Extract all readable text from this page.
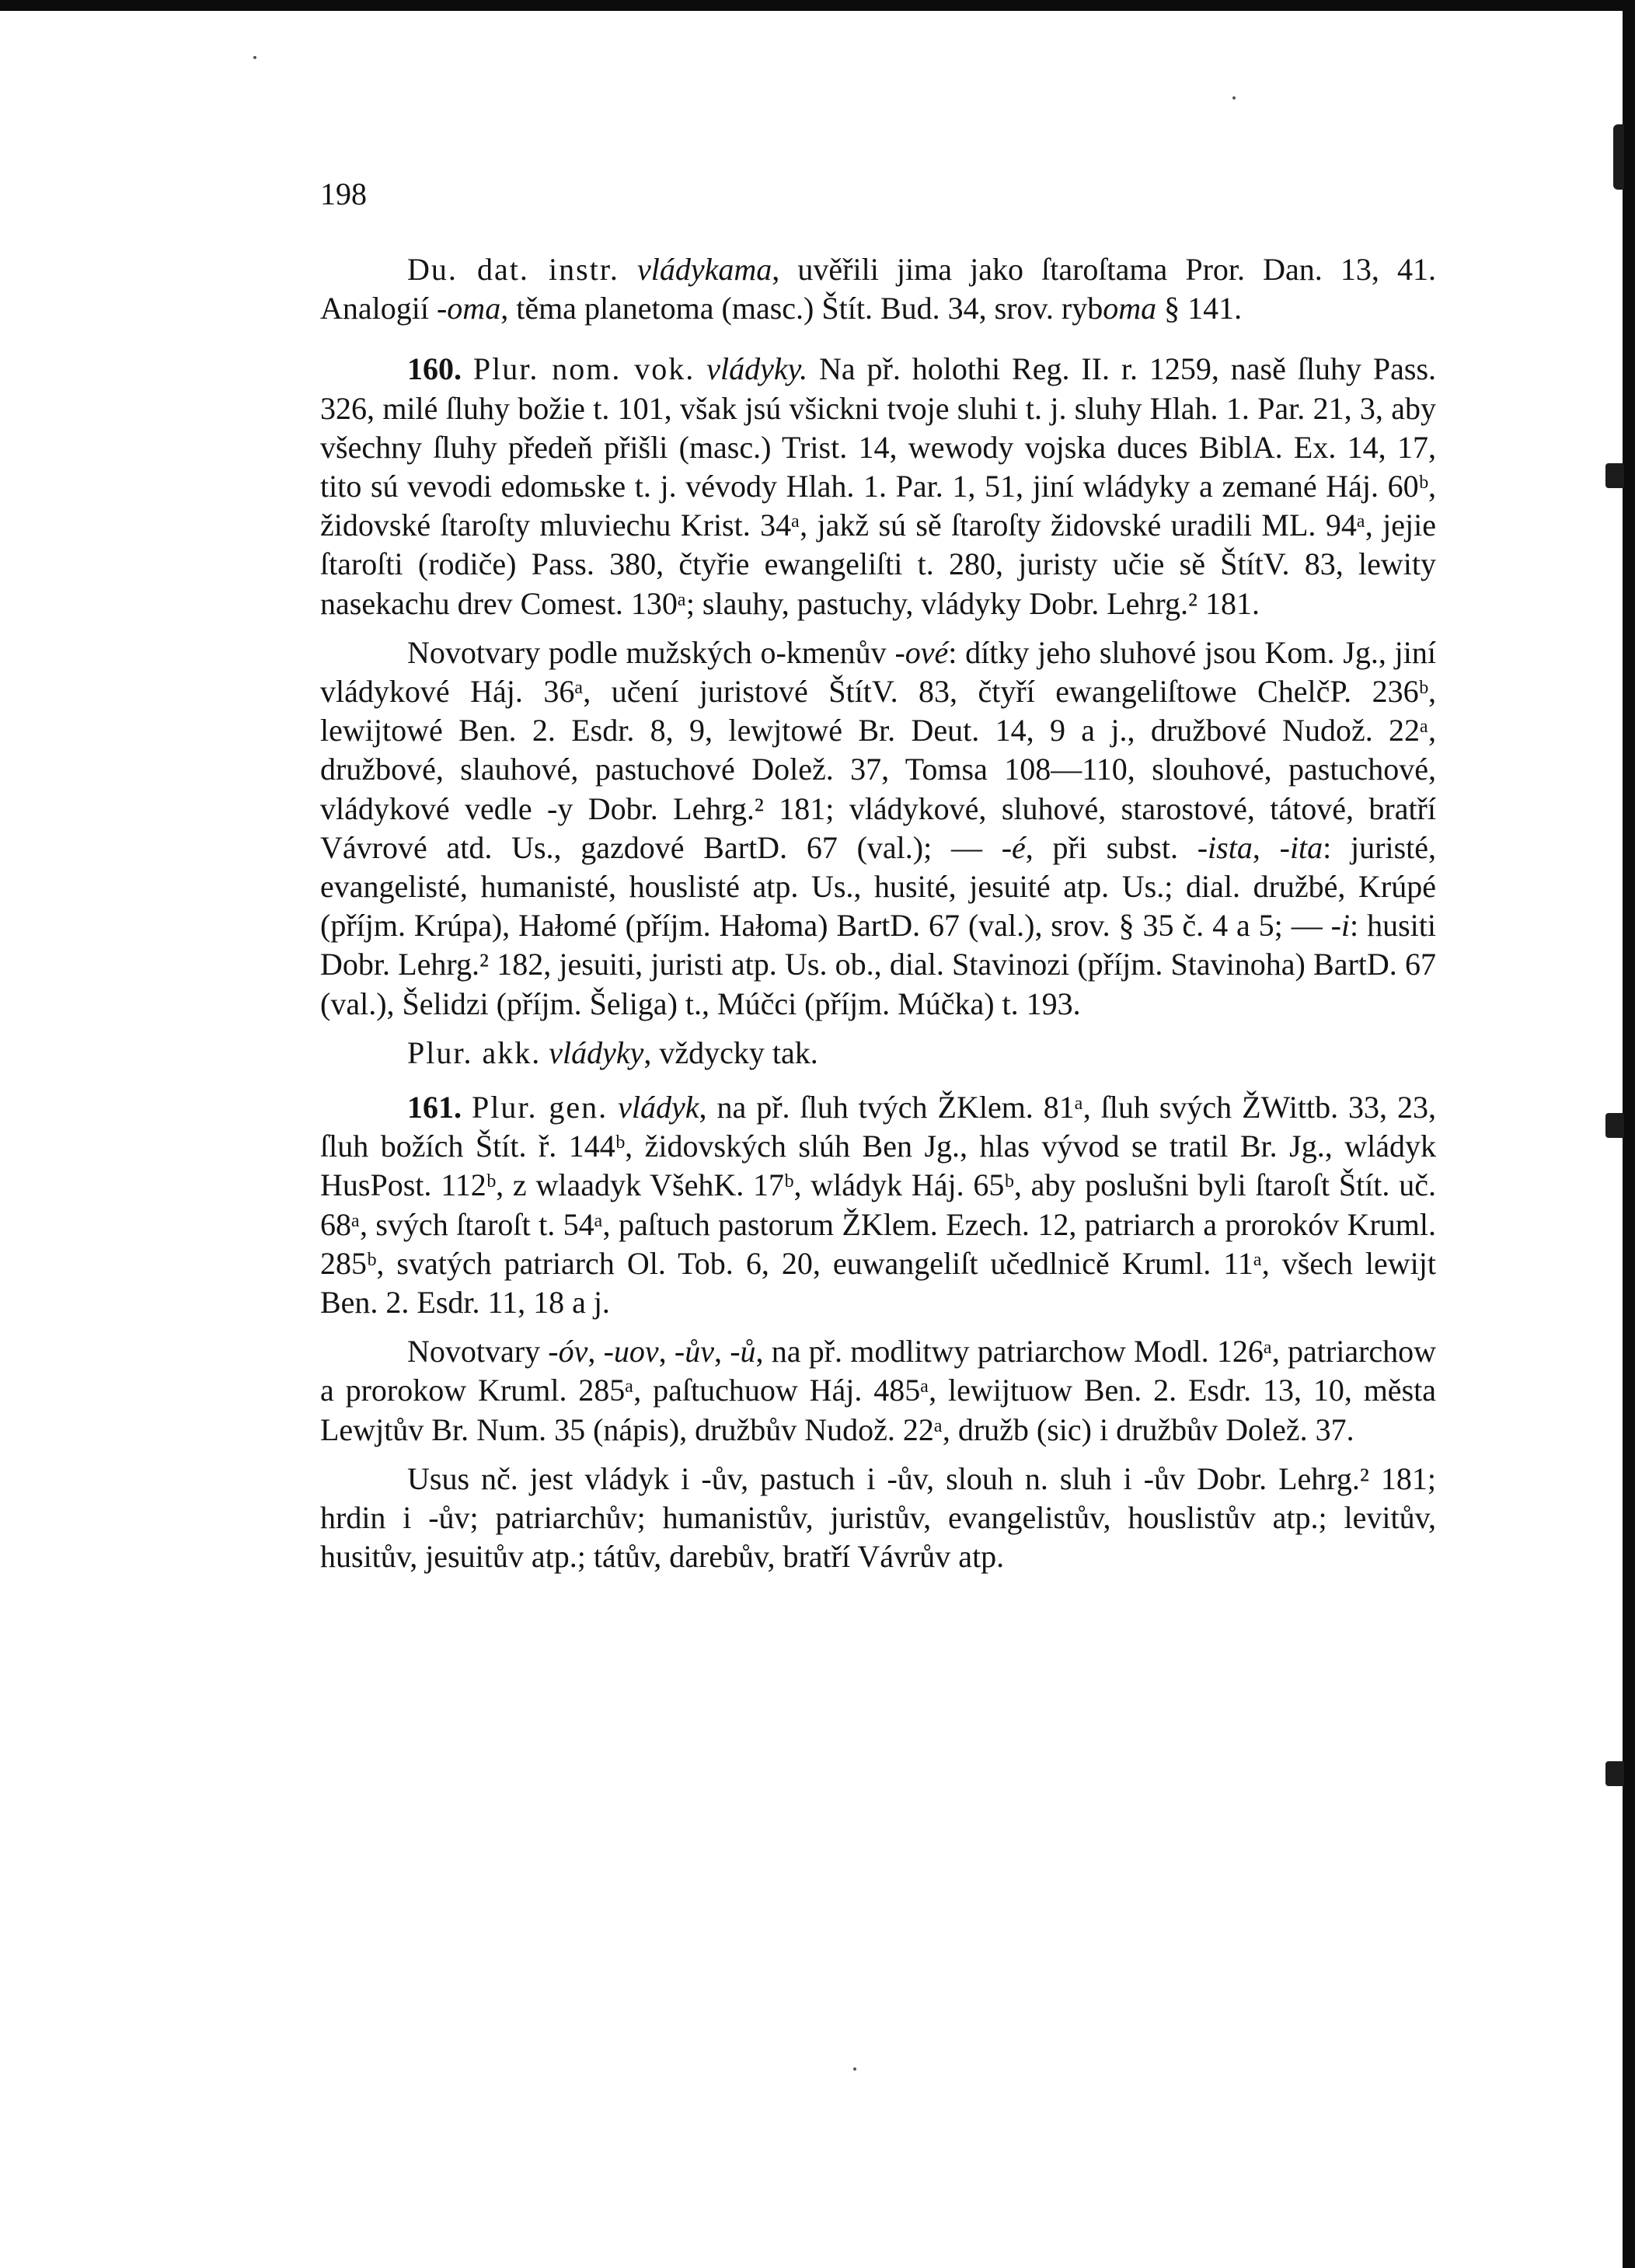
198

Du. dat. instr. vládykama, uvěřili jima jako ſtaroſtama Pror. Dan. 13, 41. Analogií -oma, těma planetoma (masc.) Štít. Bud. 34, srov. ryboma § 141.

160. Plur. nom. vok. vládyky. Na př. holothi Reg. II. r. 1259, nasě ſluhy Pass. 326, milé ſluhy božie t. 101, však jsú všickni tvoje sluhi t. j. sluhy Hlah. 1. Par. 21, 3, aby všechny ſluhy předeň přišli (masc.) Trist. 14, wewody vojska duces BiblA. Ex. 14, 17, tito sú vevodi edomьske t. j. vévody Hlah. 1. Par. 1, 51, jiní wládyky a zemané Háj. 60ᵇ, židovské ſtaroſty mluviechu Krist. 34ᵃ, jakž sú sě ſtaroſty židovské uradili ML. 94ᵃ, jejie ſtaroſti (rodiče) Pass. 380, čtyřie ewangeliſti t. 280, juristy učie sě ŠtítV. 83, lewity nasekachu drev Comest. 130ᵃ; slauhy, pastuchy, vládyky Dobr. Lehrg.² 181.

Novotvary podle mužských o-kmenův -ové: dítky jeho sluhové jsou Kom. Jg., jiní vládykové Háj. 36ᵃ, učení juristové ŠtítV. 83, čtyří ewangeliſtowe ChelčP. 236ᵇ, lewijtowé Ben. 2. Esdr. 8, 9, lewjtowé Br. Deut. 14, 9 a j., družbové Nudož. 22ᵃ, družbové, slauhové, pastuchové Dolež. 37, Tomsa 108—110, slouhové, pastuchové, vládykové vedle -y Dobr. Lehrg.² 181; vládykové, sluhové, starostové, tátové, bratří Vávrové atd. Us., gazdové BartD. 67 (val.); — -é, při subst. -ista, -ita: juristé, evangelisté, humanisté, houslisté atp. Us., husité, jesuité atp. Us.; dial. družbé, Krúpé (příjm. Krúpa), Hałomé (příjm. Hałoma) BartD. 67 (val.), srov. § 35 č. 4 a 5; — -i: husiti Dobr. Lehrg.² 182, jesuiti, juristi atp. Us. ob., dial. Stavinozi (příjm. Stavinoha) BartD. 67 (val.), Šelidzi (příjm. Šeliga) t., Múčci (příjm. Múčka) t. 193.

Plur. akk. vládyky, vždycky tak.

161. Plur. gen. vládyk, na př. ſluh tvých ŽKlem. 81ᵃ, ſluh svých ŽWittb. 33, 23, ſluh božích Štít. ř. 144ᵇ, židovských slúh Ben Jg., hlas vývod se tratil Br. Jg., wládyk HusPost. 112ᵇ, z wlaadyk VšehK. 17ᵇ, wládyk Háj. 65ᵇ, aby poslušni byli ſtaroſt Štít. uč. 68ᵃ, svých ſtaroſt t. 54ᵃ, paſtuch pastorum ŽKlem. Ezech. 12, patriarch a prorokóv Kruml. 285ᵇ, svatých patriarch Ol. Tob. 6, 20, euwangeliſt učedlnicě Kruml. 11ᵃ, všech lewijt Ben. 2. Esdr. 11, 18 a j.

Novotvary -óv, -uov, -ův, -ů, na př. modlitwy patriarchow Modl. 126ᵃ, patriarchow a prorokow Kruml. 285ᵃ, paſtuchuow Háj. 485ᵃ, lewijtuow Ben. 2. Esdr. 13, 10, města Lewjtův Br. Num. 35 (nápis), družbův Nudož. 22ᵃ, družb (sic) i družbův Dolež. 37.

Usus nč. jest vládyk i -ův, pastuch i -ův, slouh n. sluh i -ův Dobr. Lehrg.² 181; hrdin i -ův; patriarchův; humanistův, juristův, evangelistův, houslistův atp.; levitův, husitův, jesuitův atp.; tátův, darebův, bratří Vávrův atp.
